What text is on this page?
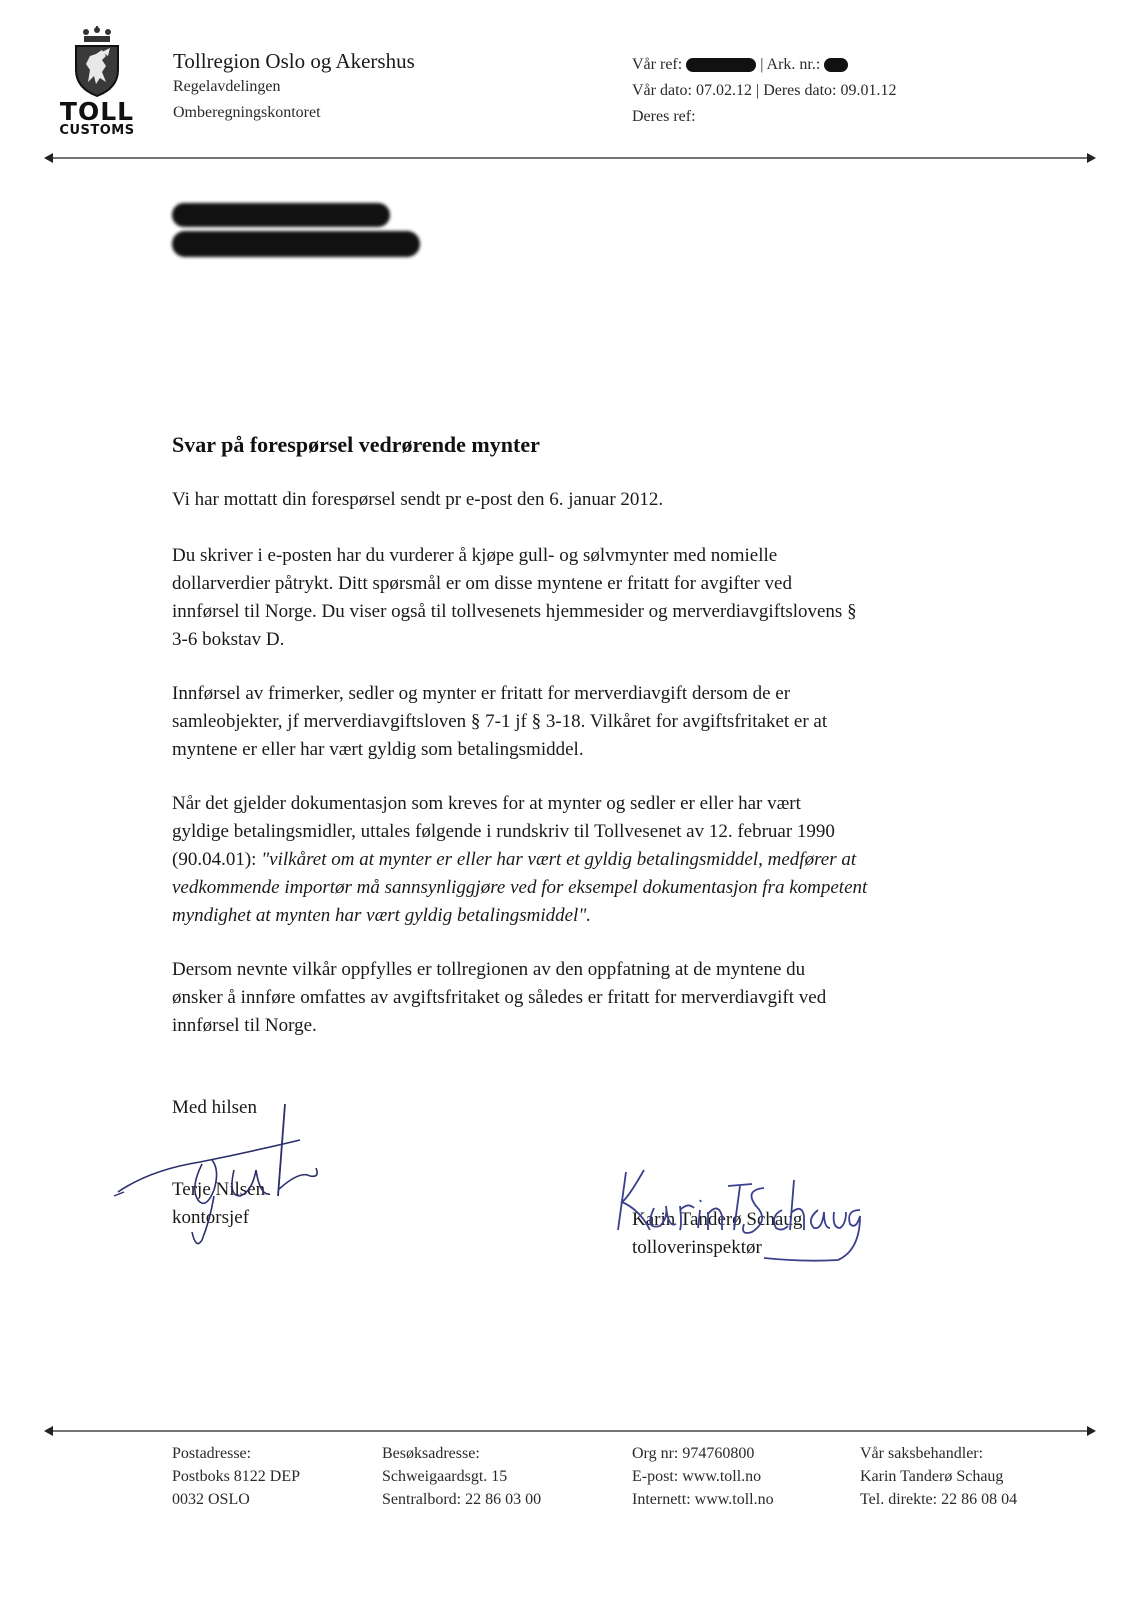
TOLL
CUSTOMS
Tollregion Oslo og Akershus
Regelavdelingen
Omberegningskontoret
Vår ref:	| Ark. nr.:
Vår dato: 07.02.12 | Deres dato: 09.01.12
Deres ref:
Svar på forespørsel vedrørende mynter
Vi har mottatt din forespørsel sendt pr e-post den 6. januar 2012.
Du skriver i e-posten har du vurderer å kjøpe gull- og sølvmynter med nomielle
dollarverdier påtrykt. Ditt spørsmål er om disse myntene er fritatt for avgifter ved
innførsel til Norge. Du viser også til tollvesenets hjemmesider og merverdiavgiftslovens §
3-6 bokstav D.
Innførsel av frimerker, sedler og mynter er fritatt for merverdiavgift dersom de er
samleobjekter, jf merverdiavgiftsloven § 7-1 jf § 3-18. Vilkåret for avgiftsfritaket er at
myntene er eller har vært gyldig som betalingsmiddel.
Når det gjelder dokumentasjon som kreves for at mynter og sedler er eller har vært
gyldige betalingsmidler, uttales følgende i rundskriv til Tollvesenet av 12. februar 1990
(90.04.01): "vilkåret om at mynter er eller har vært et gyldig betalingsmiddel, medfører at
vedkommende importør må sannsynliggjøre ved for eksempel dokumentasjon fra kompetent
myndighet at mynten har vært gyldig betalingsmiddel".
Dersom nevnte vilkår oppfylles er tollregionen av den oppfatning at de myntene du
ønsker å innføre omfattes av avgiftsfritaket og således er fritatt for merverdiavgift ved
innførsel til Norge.
Med hilsen
Terje Nilsen
kontorsjef	Karin Tanderø Schaug
tolloverinspektør
Postadresse:
Postboks 8122 DEP
0032 OSLO
Besøksadresse:
Schweigaardsgt. 15
Sentralbord: 22 86 03 00
Org nr: 974760800
E-post: www.toll.no
Internett: www.toll.no
Vår saksbehandler:
Karin Tanderø Schaug
Tel. direkte: 22 86 08 04
